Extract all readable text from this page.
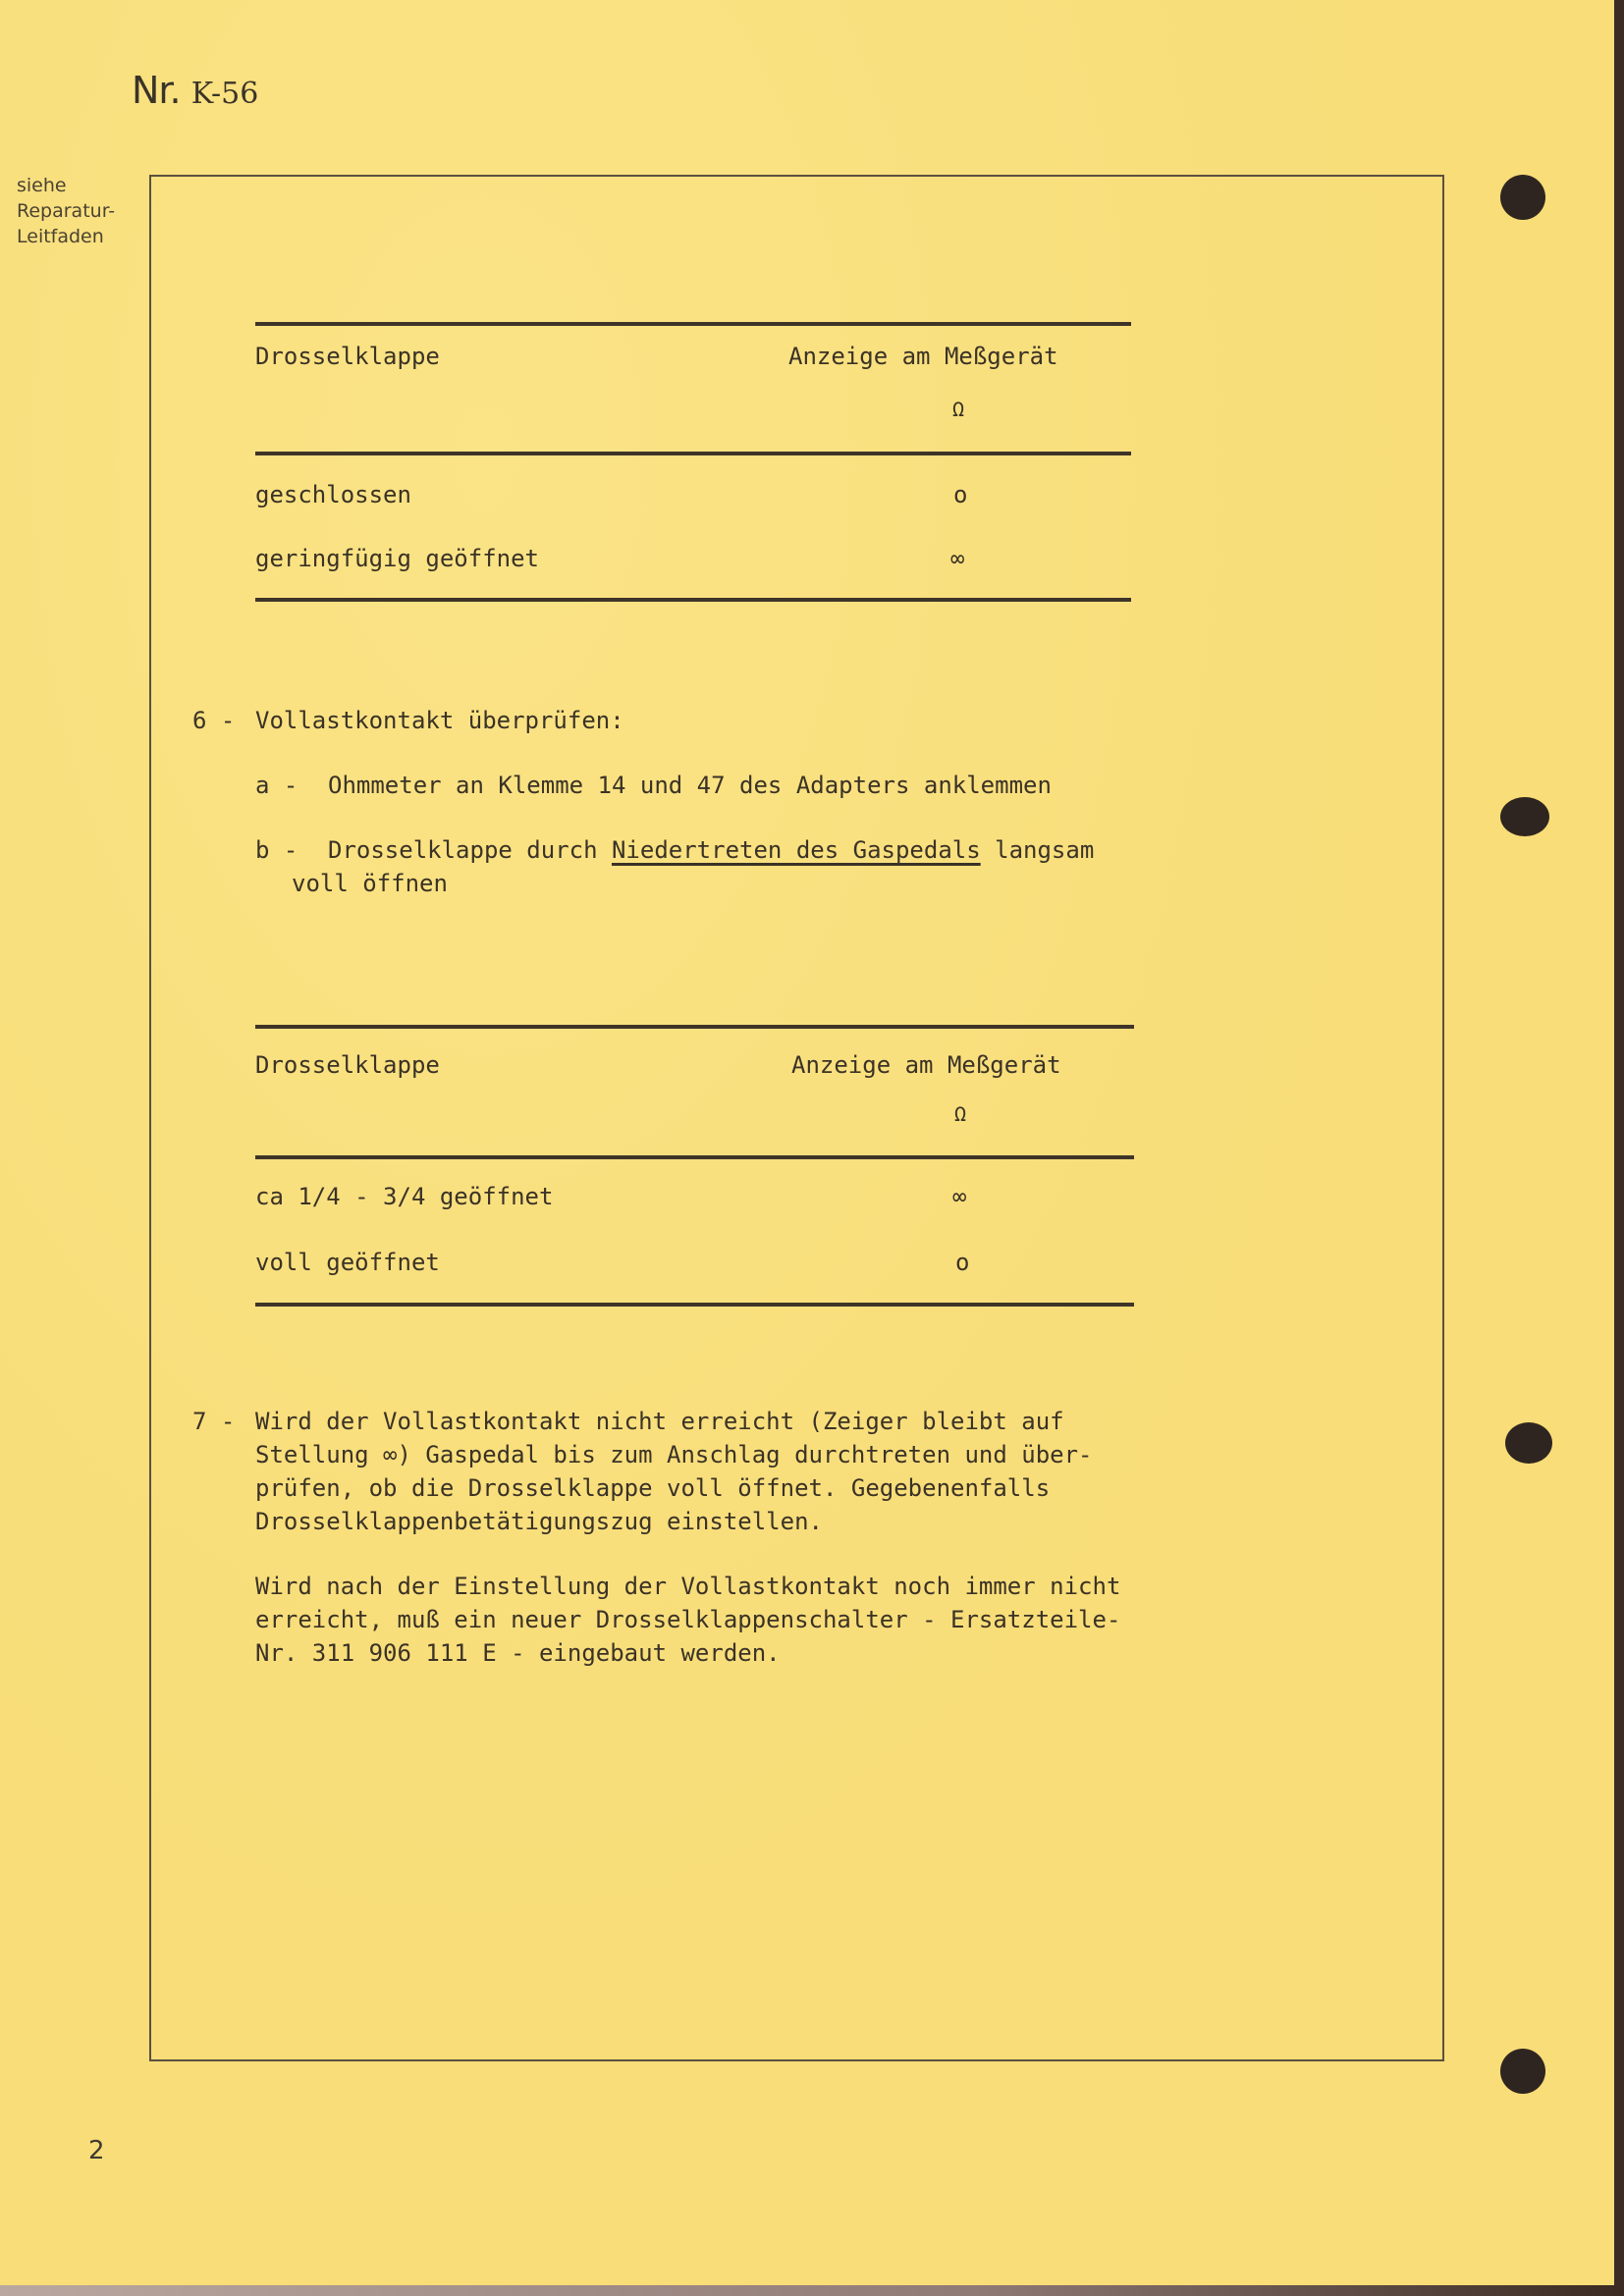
Nr. K-56
siehe
Reparatur-
Leitfaden
2
Drosselklappe	Anzeige am Meßgerät
Ω
geschlossen	o
geringfügig geöffnet	∞
6 - Vollastkontakt überprüfen:
a - Ohmmeter an Klemme 14 und 47 des Adapters anklemmen
b - Drosselklappe durch Niedertreten des Gaspedals langsam
voll öffnen
Drosselklappe	Anzeige am Meßgerät
Ω
ca 1/4 - 3/4 geöffnet	∞
voll geöffnet	o
7 - Wird der Vollastkontakt nicht erreicht (Zeiger bleibt auf
Stellung ∞) Gaspedal bis zum Anschlag durchtreten und über-
prüfen, ob die Drosselklappe voll öffnet. Gegebenenfalls
Drosselklappenbetätigungszug einstellen.
Wird nach der Einstellung der Vollastkontakt noch immer nicht
erreicht, muß ein neuer Drosselklappenschalter - Ersatzteile-
Nr. 311 906 111 E - eingebaut werden.
